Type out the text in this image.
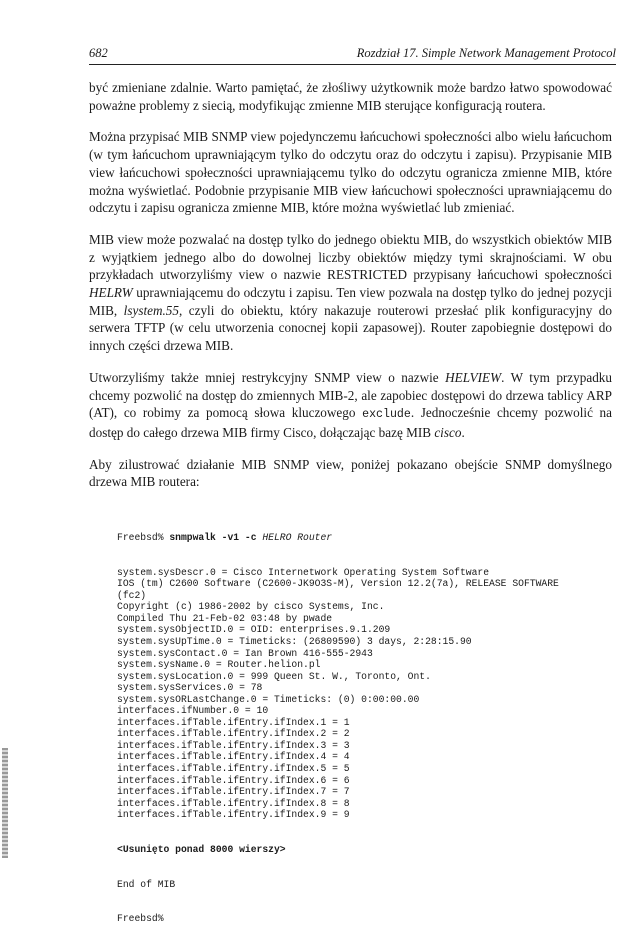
682	Rozdział 17. Simple Network Management Protocol

być zmieniane zdalnie. Warto pamiętać, że złośliwy użytkownik może bardzo łatwo spowodować poważne problemy z siecią, modyfikując zmienne MIB sterujące konfiguracją routera.

Można przypisać MIB SNMP view pojedynczemu łańcuchowi społeczności albo wielu łańcuchom (w tym łańcuchom uprawniającym tylko do odczytu oraz do odczytu i zapisu). Przypisanie MIB view łańcuchowi społeczności uprawniającemu tylko do odczytu ogranicza zmienne MIB, które można wyświetlać. Podobnie przypisanie MIB view łańcuchowi społeczności uprawniającemu do odczytu i zapisu ogranicza zmienne MIB, które można wyświetlać lub zmieniać.

MIB view może pozwalać na dostęp tylko do jednego obiektu MIB, do wszystkich obiektów MIB z wyjątkiem jednego albo do dowolnej liczby obiektów między tymi skrajnościami. W obu przykładach utworzyliśmy view o nazwie RESTRICTED przypisany łańcuchowi społeczności HELRW uprawniającemu do odczytu i zapisu. Ten view pozwala na dostęp tylko do jednej pozycji MIB, lsystem.55, czyli do obiektu, który nakazuje routerowi przesłać plik konfiguracyjny do serwera TFTP (w celu utworzenia conocnej kopii zapasowej). Router zapobiegnie dostępowi do innych części drzewa MIB.

Utworzyliśmy także mniej restrykcyjny SNMP view o nazwie HELVIEW. W tym przypadku chcemy pozwolić na dostęp do zmiennych MIB-2, ale zapobiec dostępowi do drzewa tablicy ARP (AT), co robimy za pomocą słowa kluczowego exclude. Jednocześnie chcemy pozwolić na dostęp do całego drzewa MIB firmy Cisco, dołączając bazę MIB cisco.

Aby zilustrować działanie MIB SNMP view, poniżej pokazano obejście SNMP domyślnego drzewa MIB routera:

Freebsd% snmpwalk -v1 -c HELRO Router

system.sysDescr.0 = Cisco Internetwork Operating System Software
IOS (tm) C2600 Software (C2600-JK9O3S-M), Version 12.2(7a), RELEASE SOFTWARE
(fc2)
Copyright (c) 1986-2002 by cisco Systems, Inc.
Compiled Thu 21-Feb-02 03:48 by pwade
system.sysObjectID.0 = OID: enterprises.9.1.209
system.sysUpTime.0 = Timeticks: (26809590) 3 days, 2:28:15.90
system.sysContact.0 = Ian Brown 416-555-2943
system.sysName.0 = Router.helion.pl
system.sysLocation.0 = 999 Queen St. W., Toronto, Ont.
system.sysServices.0 = 78
system.sysORLastChange.0 = Timeticks: (0) 0:00:00.00
interfaces.ifNumber.0 = 10
interfaces.ifTable.ifEntry.ifIndex.1 = 1
interfaces.ifTable.ifEntry.ifIndex.2 = 2
interfaces.ifTable.ifEntry.ifIndex.3 = 3
interfaces.ifTable.ifEntry.ifIndex.4 = 4
interfaces.ifTable.ifEntry.ifIndex.5 = 5
interfaces.ifTable.ifEntry.ifIndex.6 = 6
interfaces.ifTable.ifEntry.ifIndex.7 = 7
interfaces.ifTable.ifEntry.ifIndex.8 = 8
interfaces.ifTable.ifEntry.ifIndex.9 = 9

<Usunięto ponad 8000 wierszy>

End of MIB

Freebsd%
